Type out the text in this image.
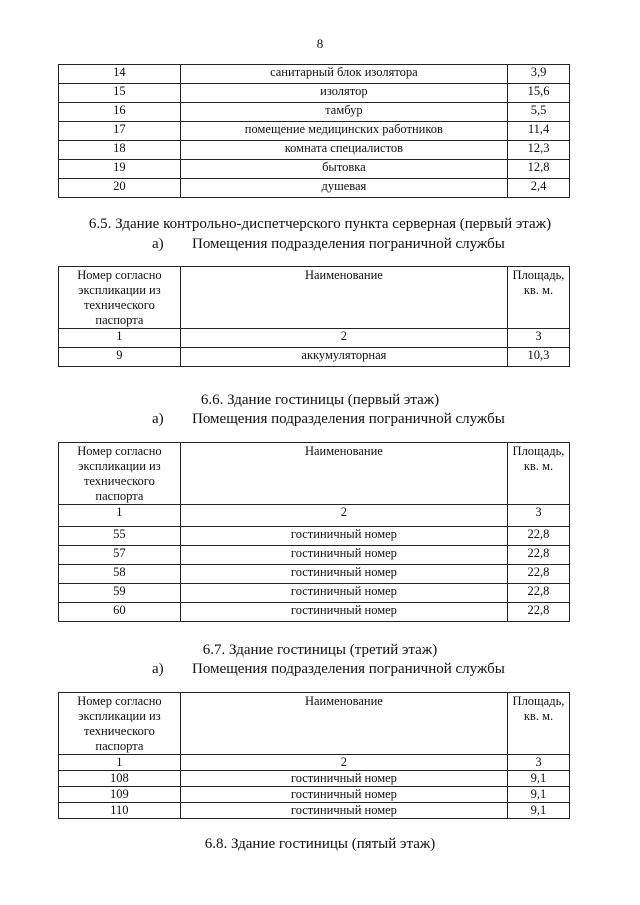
8
14	санитарный блок изолятора	3,9
15	изолятор	15,6
16	тамбур	5,5
17	помещение медицинских работников	11,4
18	комната специалистов	12,3
19	бытовка	12,8
20	душевая	2,4
6.5. Здание контрольно-диспетчерского пункта серверная (первый этаж)
а) Помещения подразделения пограничной службы
Номер согласно экспликации из технического паспорта	Наименование	Площадь, кв. м.
1	2	3
9	аккумуляторная	10,3
6.6. Здание гостиницы (первый этаж)
а) Помещения подразделения пограничной службы
Номер согласно экспликации из технического паспорта	Наименование	Площадь, кв. м.
1	2	3
55	гостиничный номер	22,8
57	гостиничный номер	22,8
58	гостиничный номер	22,8
59	гостиничный номер	22,8
60	гостиничный номер	22,8
6.7. Здание гостиницы (третий этаж)
а) Помещения подразделения пограничной службы
Номер согласно экспликации из технического паспорта	Наименование	Площадь, кв. м.
1	2	3
108	гостиничный номер	9,1
109	гостиничный номер	9,1
110	гостиничный номер	9,1
6.8. Здание гостиницы (пятый этаж)
